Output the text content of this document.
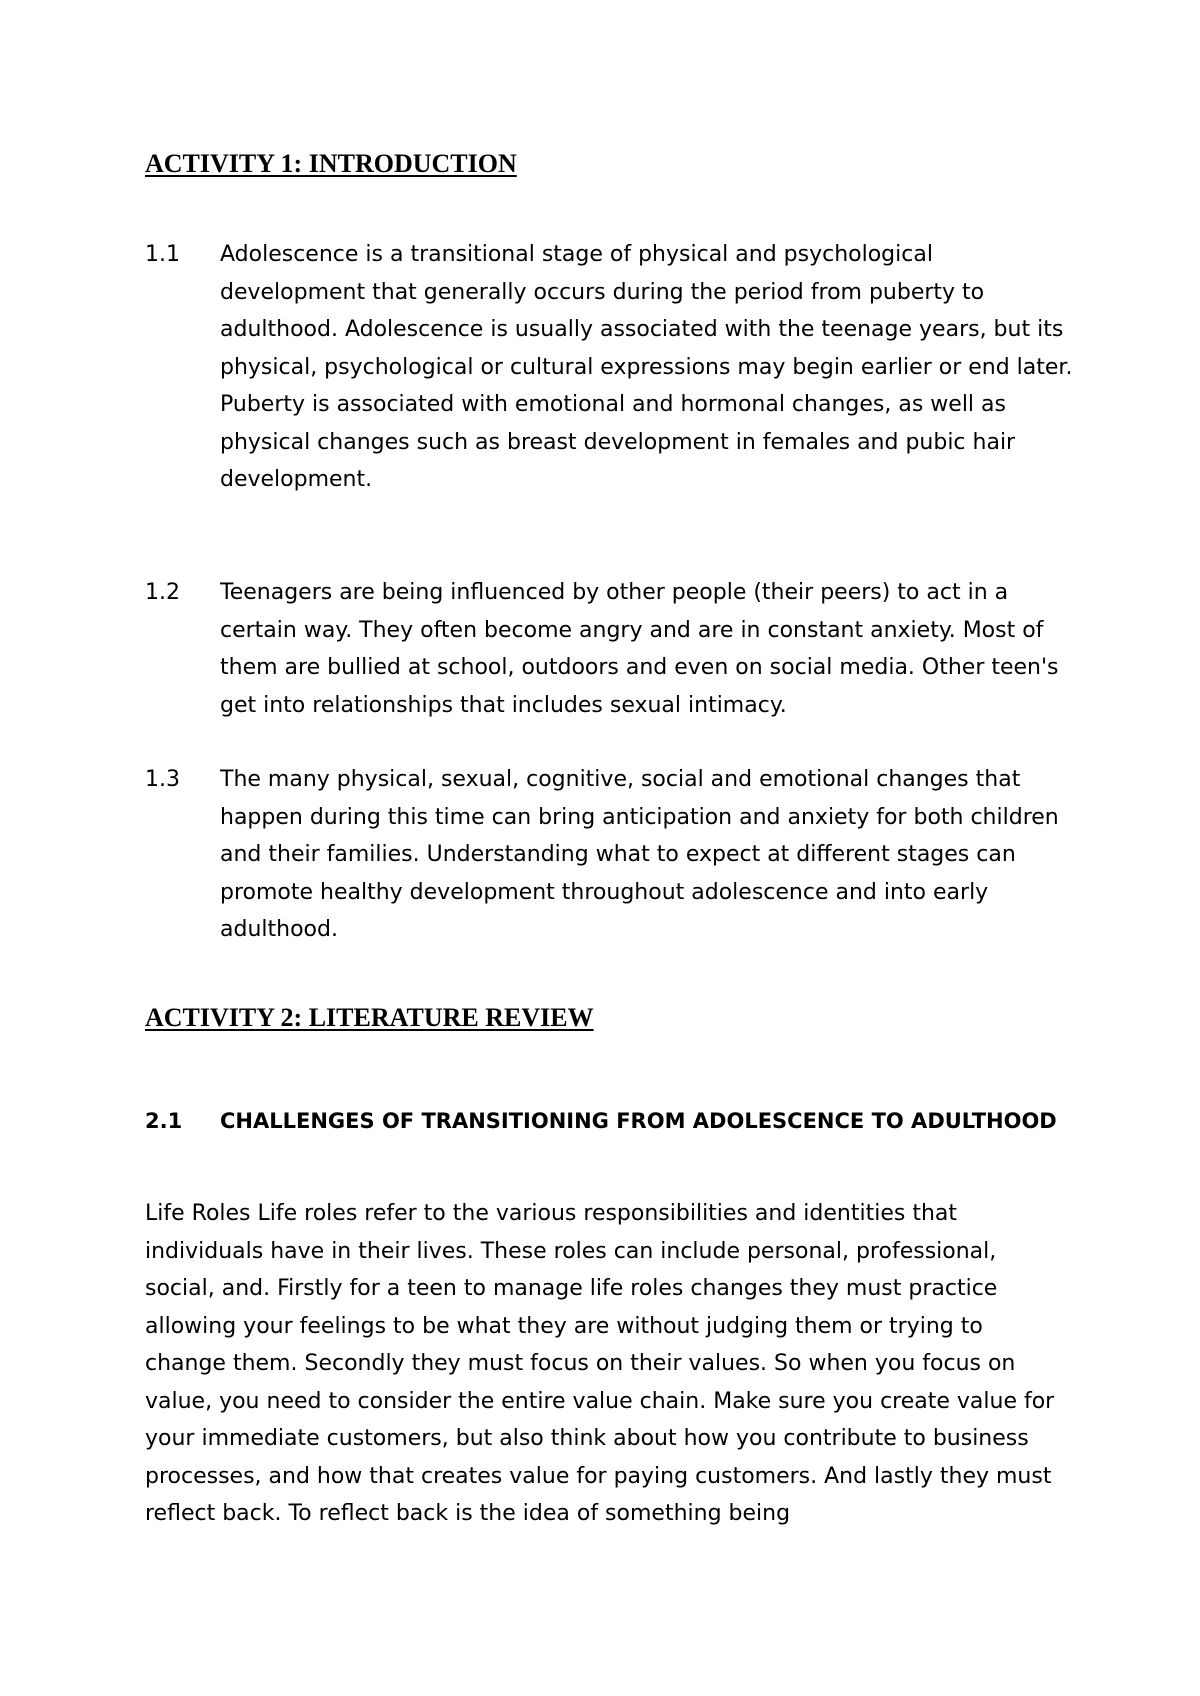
ACTIVITY 1: INTRODUCTION
1.1	Adolescence is a transitional stage of physical and psychological development that generally occurs during the period from puberty to adulthood. Adolescence is usually associated with the teenage years, but its physical, psychological or cultural expressions may begin earlier or end later.

Puberty is associated with emotional and hormonal changes, as well as physical changes such as breast development in females and pubic hair development.

1.2	Teenagers are being influenced by other people (their peers) to act in a certain way. They often become angry and are in constant anxiety. Most of them are bullied at school, outdoors and even on social media. Other teen's get into relationships that includes sexual intimacy.

1.3	The many physical, sexual, cognitive, social and emotional changes that happen during this time can bring anticipation and anxiety for both children and their families. Understanding what to expect at different stages can promote healthy development throughout adolescence and into early adulthood.

ACTIVITY 2: LITERATURE REVIEW
2.1	CHALLENGES OF TRANSITIONING FROM ADOLESCENCE TO ADULTHOOD

Life Roles Life roles refer to the various responsibilities and identities that individuals have in their lives. These roles can include personal, professional, social, and. Firstly for a teen to manage life roles changes they must practice allowing your feelings to be what they are without judging them or trying to change them. Secondly they must focus on their values. So when you focus on value, you need to consider the entire value chain. Make sure you create value for your immediate customers, but also think about how you contribute to business processes, and how that creates value for paying customers. And lastly they must reflect back. To reflect back is the idea of something being
